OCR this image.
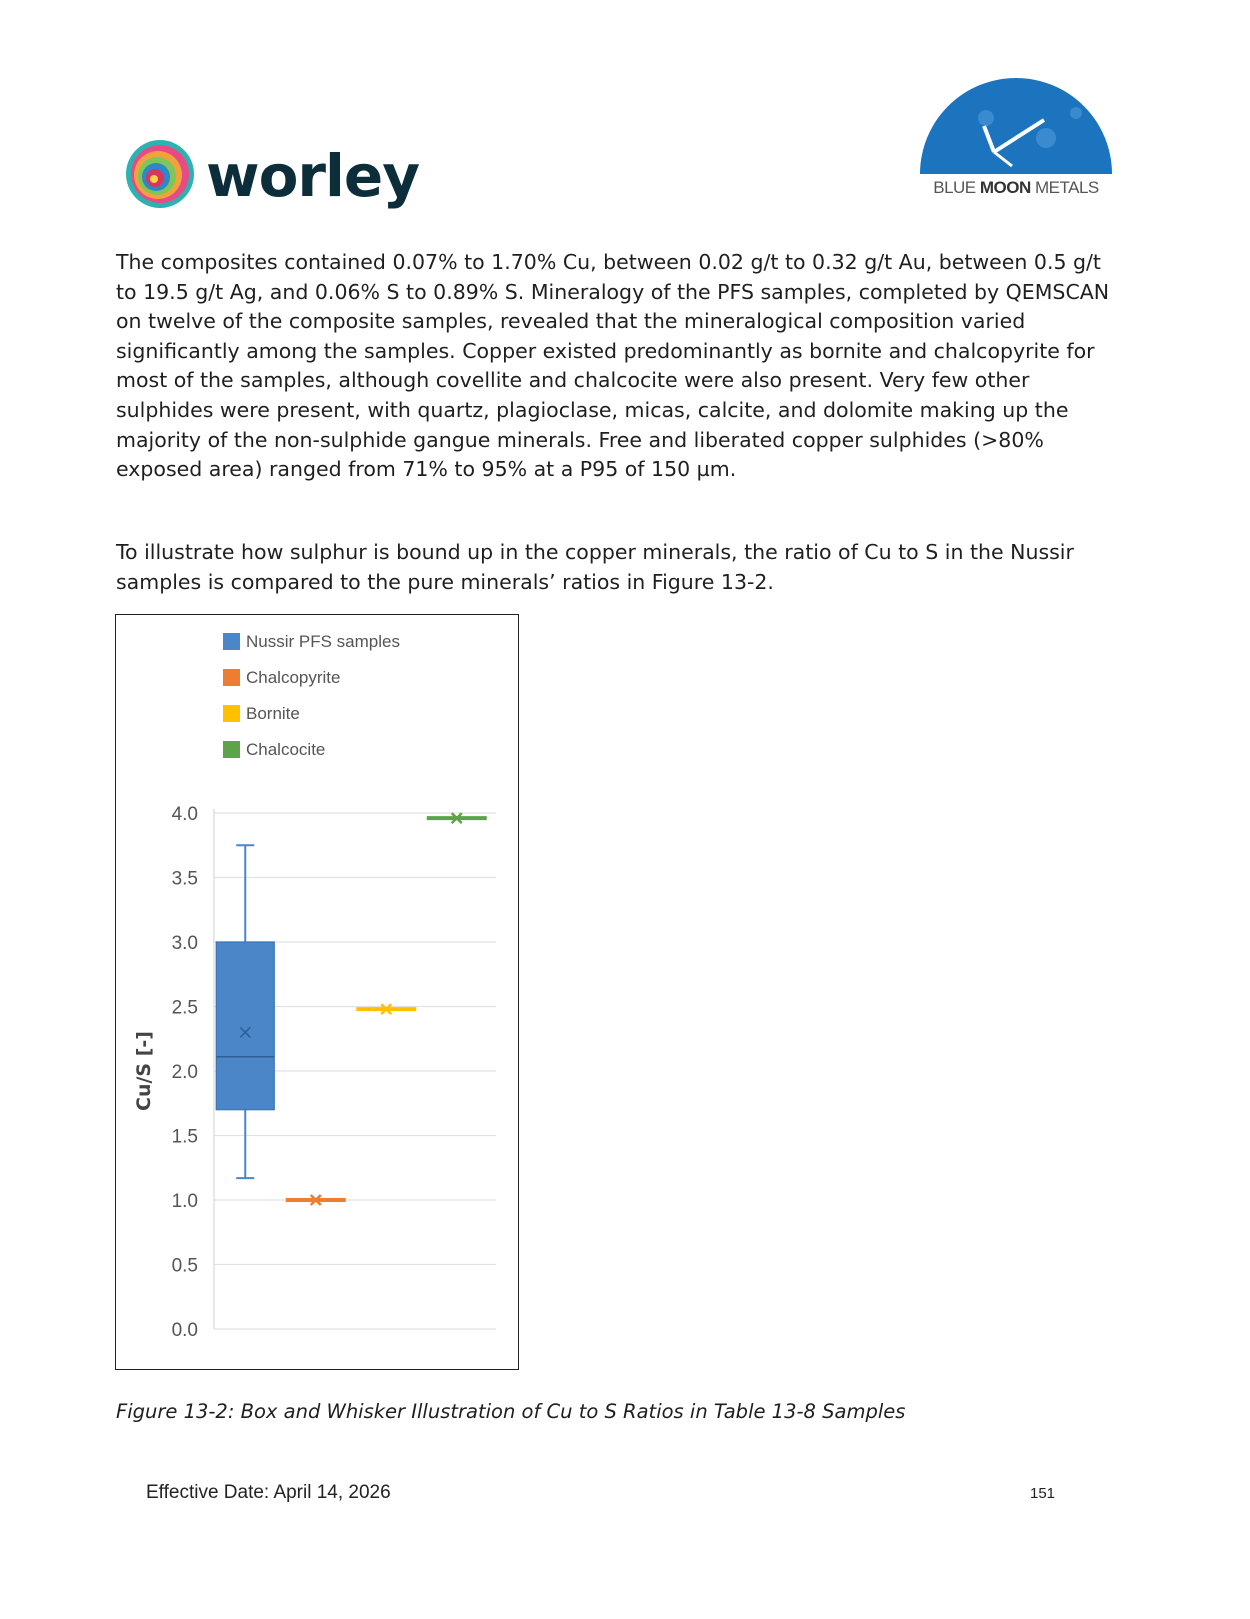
worley	BLUE MOON METALS

The composites contained 0.07% to 1.70% Cu, between 0.02 g/t to 0.32 g/t Au, between 0.5 g/t to 19.5 g/t Ag, and 0.06% S to 0.89% S. Mineralogy of the PFS samples, completed by QEMSCAN on twelve of the composite samples, revealed that the mineralogical composition varied significantly among the samples. Copper existed predominantly as bornite and chalcopyrite for most of the samples, although covellite and chalcocite were also present. Very few other sulphides were present, with quartz, plagioclase, micas, calcite, and dolomite making up the majority of the non-sulphide gangue minerals. Free and liberated copper sulphides (>80% exposed area) ranged from 71% to 95% at a P95 of 150 µm.

To illustrate how sulphur is bound up in the copper minerals, the ratio of Cu to S in the Nussir samples is compared to the pure minerals’ ratios in Figure 13-2.

Nussir PFS samples
Chalcopyrite
Bornite
Chalcocite
0.0
0.5
1.0
1.5
2.0
2.5
3.0
3.5
4.0
Cu/S [-]
Figure 13-2: Box and Whisker Illustration of Cu to S Ratios in Table 13-8 Samples
Effective Date: April 14, 2026	151
